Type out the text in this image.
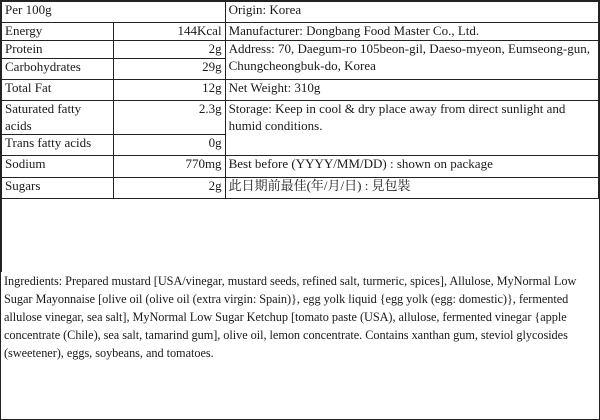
Per 100g		Origin: Korea
Energy	144Kcal	Manufacturer: Dongbang Food Master Co., Ltd.
Protein	2g	Address: 70, Daegum-ro 105beon-gil, Daeso-myeon, Eumseong-gun, Chungcheongbuk-do, Korea
Carbohydrates	29g	
Total Fat	12g	Net Weight: 310g
Saturated fatty acids	2.3g	Storage: Keep in cool & dry place away from direct sunlight and humid conditions.
Trans fatty acids	0g	
Sodium	770mg	Best before (YYYY/MM/DD) : shown on package
Sugars	2g	此日期前最佳(年/月/日) : 見包裝
Ingredients: Prepared mustard [USA/vinegar, mustard seeds, refined salt, turmeric, spices], Allulose, MyNormal Low Sugar Mayonnaise [olive oil (olive oil (extra virgin: Spain)}, egg yolk liquid {egg yolk (egg: domestic)}, fermented allulose vinegar, sea salt], MyNormal Low Sugar Ketchup [tomato paste (USA), allulose, fermented vinegar {apple concentrate (Chile), sea salt, tamarind gum], olive oil, lemon concentrate. Contains xanthan gum, steviol glycosides (sweetener), eggs, soybeans, and tomatoes.
